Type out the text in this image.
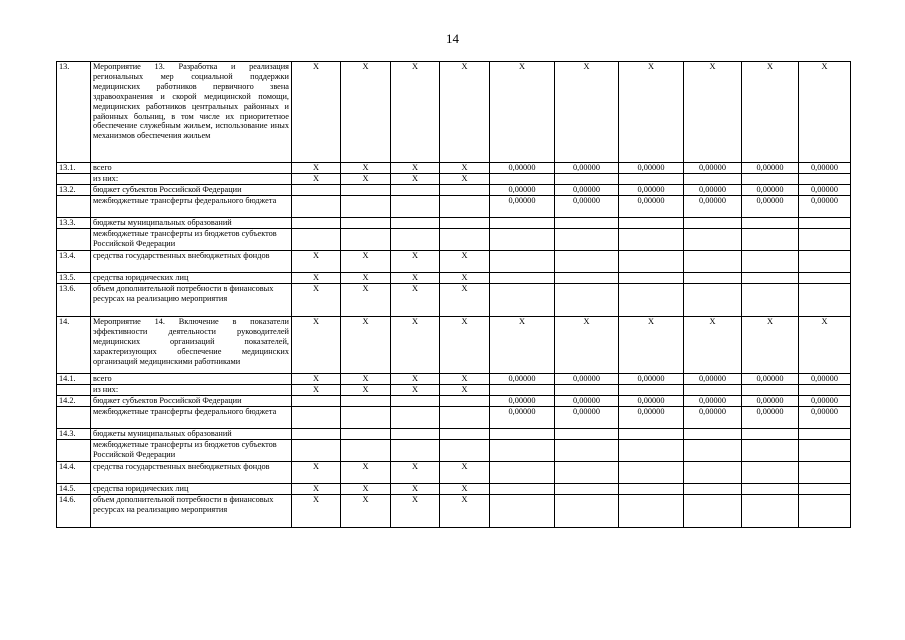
14
13.	Мероприятие 13. Разработка и реализация региональных мер социальной поддержки медицинских работников первичного звена здравоохранения и скорой медицинской помощи, медицинских работников центральных районных и районных больниц, в том числе их приоритетное обеспечение служебным жильем, использование иных механизмов обеспечения жильем	X	X	X	X	X	X	X	X	X	X
13.1.	всего	X	X	X	X	0,00000	0,00000	0,00000	0,00000	0,00000	0,00000
	из них:	X	X	X	X						
13.2.	бюджет субъектов Российской Федерации					0,00000	0,00000	0,00000	0,00000	0,00000	0,00000
	межбюджетные трансферты федерального бюджета					0,00000	0,00000	0,00000	0,00000	0,00000	0,00000
13.3.	бюджеты муниципальных образований										
	межбюджетные трансферты из бюджетов субъектов Российской Федерации										
13.4.	средства государственных внебюджетных фондов	X	X	X	X						
13.5.	средства юридических лиц	X	X	X	X						
13.6.	объем дополнительной потребности в финансовых ресурсах на реализацию мероприятия	X	X	X	X						
14.	Мероприятие 14. Включение в показатели эффективности деятельности руководителей медицинских организаций показателей, характеризующих обеспечение медицинских организаций медицинскими работниками	X	X	X	X	X	X	X	X	X	X
14.1.	всего	X	X	X	X	0,00000	0,00000	0,00000	0,00000	0,00000	0,00000
	из них:	X	X	X	X						
14.2.	бюджет субъектов Российской Федерации					0,00000	0,00000	0,00000	0,00000	0,00000	0,00000
	межбюджетные трансферты федерального бюджета					0,00000	0,00000	0,00000	0,00000	0,00000	0,00000
14.3.	бюджеты муниципальных образований										
	межбюджетные трансферты из бюджетов субъектов Российской Федерации										
14.4.	средства государственных внебюджетных фондов	X	X	X	X						
14.5.	средства юридических лиц	X	X	X	X						
14.6.	объем дополнительной потребности в финансовых ресурсах на реализацию мероприятия	X	X	X	X						
